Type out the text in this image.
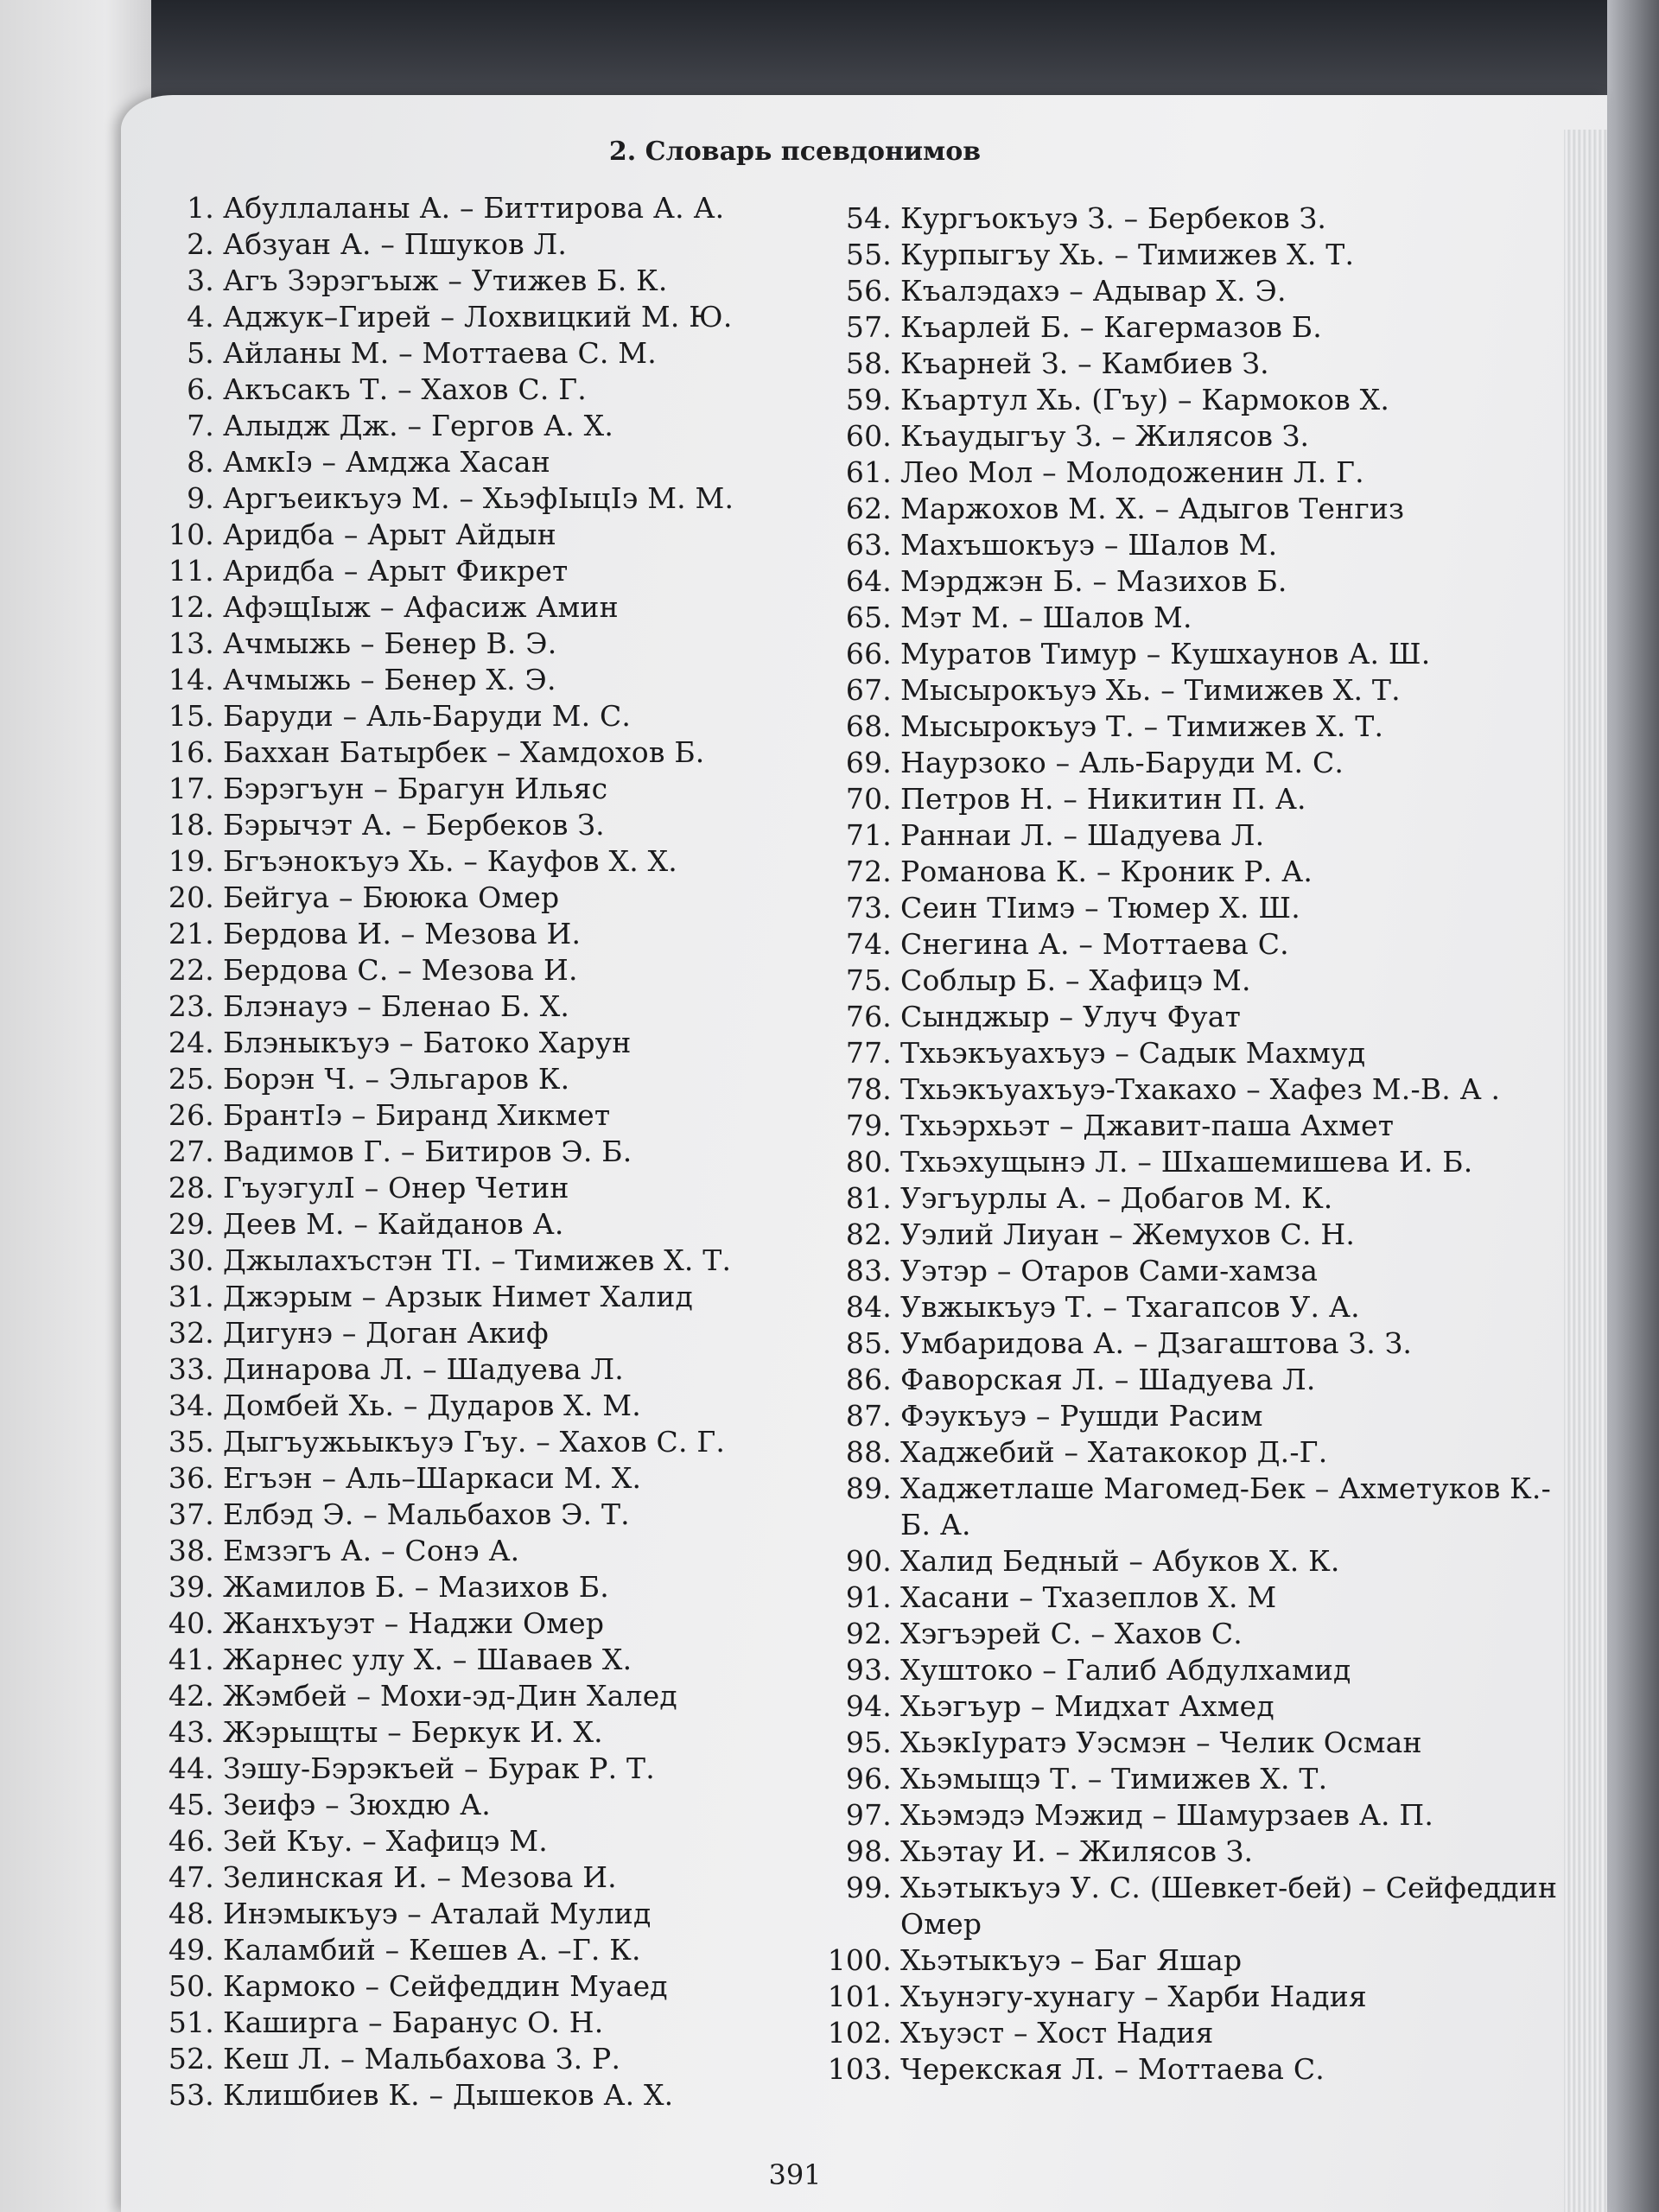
2. Словарь псевдонимов
1. Абуллаланы А. – Биттирова А. А.
2. Абзуан А. – Пшуков Л.
3. Агъ Зэрэгъыж – Утижев Б. К.
4. Аджук–Гирей – Лохвицкий М. Ю.
5. Айланы М. – Моттаева С. М.
6. Акъсакъ Т. – Хахов С. Г.
7. Алыдж Дж. – Гергов А. Х.
8. АмкIэ – Амджа Хасан
9. Аргъеикъуэ М. – ХьэфIыцIэ М. М.
10. Аридба – Арыт Айдын
11. Аридба – Арыт Фикрет
12. АфэщIыж – Афасиж Амин
13. Ачмыжь – Бенер В. Э.
14. Ачмыжь – Бенер Х. Э.
15. Баруди – Аль-Баруди М. С.
16. Баххан Батырбек – Хамдохов Б.
17. Бэрэгъун – Брагун Ильяс
18. Бэрычэт А. – Бербеков З.
19. Бгъэнокъуэ Хь. – Кауфов Х. Х.
20. Бейгуа – Бююка Омер
21. Бердова И. – Мезова И.
22. Бердова С. – Мезова И.
23. Блэнауэ – Бленао Б. Х.
24. Блэныкъуэ – Батоко Харун
25. Борэн Ч. – Эльгаров К.
26. БрантIэ – Биранд Хикмет
27. Вадимов Г. – Битиров Э. Б.
28. ГъуэгулI – Онер Четин
29. Деев М. – Кайданов А.
30. Джылахъстэн ТI. – Тимижев Х. Т.
31. Джэрым – Арзык Нимет Халид
32. Дигунэ – Доган Акиф
33. Динарова Л. – Шадуева Л.
34. Домбей Хь. – Дударов Х. М.
35. Дыгъужьыкъуэ Гъу. – Хахов С. Г.
36. Егъэн – Аль–Шаркаси М. Х.
37. Елбэд Э. – Мальбахов Э. Т.
38. Емзэгъ А. – Сонэ А.
39. Жамилов Б. – Мазихов Б.
40. Жанхъуэт – Наджи Омер
41. Жарнес улу Х. – Шаваев Х.
42. Жэмбей – Мохи-эд-Дин Халед
43. Жэрыщты – Беркук И. Х.
44. Зэшу-Бэрэкъей – Бурак Р. Т.
45. Зеифэ – Зюхдю А.
46. Зей Къу. – Хафицэ М.
47. Зелинская И. – Мезова И.
48. Инэмыкъуэ – Аталай Мулид
49. Каламбий – Кешев А. –Г. К.
50. Кармоко – Сейфеддин Муаед
51. Каширга – Баранус О. Н.
52. Кеш Л. – Мальбахова З. Р.
53. Клишбиев К. – Дышеков А. Х.
54. Кургъокъуэ З. – Бербеков З.
55. Курпыгъу Хь. – Тимижев Х. Т.
56. Къалэдахэ – Адывар Х. Э.
57. Къарлей Б. – Кагермазов Б.
58. Къарней З. – Камбиев З.
59. Къартул Хь. (Гъу) – Кармоков Х.
60. Къаудыгъу З. – Жилясов З.
61. Лео Мол – Молодоженин Л. Г.
62. Маржохов М. Х. – Адыгов Тенгиз
63. Махъшокъуэ – Шалов М.
64. Мэрджэн Б. – Мазихов Б.
65. Мэт М. – Шалов М.
66. Муратов Тимур – Кушхаунов А. Ш.
67. Мысырокъуэ Хь. – Тимижев Х. Т.
68. Мысырокъуэ Т. – Тимижев Х. Т.
69. Наурзоко – Аль-Баруди М. С.
70. Петров Н. – Никитин П. А.
71. Раннаи Л. – Шадуева Л.
72. Романова К. – Кроник Р. А.
73. Сеин ТIимэ – Тюмер Х. Ш.
74. Снегина А. – Моттаева С.
75. Соблыр Б. – Хафицэ М.
76. Сынджыр – Улуч Фуат
77. Тхьэкъуахъуэ – Садык Махмуд
78. Тхьэкъуахъуэ-Тхакахо – Хафез М.-В. А .
79. Тхьэрхьэт – Джавит-паша Ахмет
80. Тхьэхущынэ Л. – Шхашемишева И. Б.
81. Уэгъурлы А. – Добагов М. К.
82. Уэлий Лиуан – Жемухов С. Н.
83. Уэтэр – Отаров Сами-хамза
84. Увжыкъуэ Т. – Тхагапсов У. А.
85. Умбаридова А. – Дзагаштова З. З.
86. Фаворская Л. – Шадуева Л.
87. Фэукъуэ – Рушди Расим
88. Хаджебий – Хатакокор Д.-Г.
89. Хаджетлаше Магомед-Бек – Ахметуков К.-Б. А.
90. Халид Бедный – Абуков Х. К.
91. Хасани – Тхазеплов Х. М
92. Хэгъэрей С. – Хахов С.
93. Хуштоко – Галиб Абдулхамид
94. Хьэгъур – Мидхат Ахмед
95. ХьэкIуратэ Уэсмэн – Челик Осман
96. Хьэмыщэ Т. – Тимижев Х. Т.
97. Хьэмэдэ Мэжид – Шамурзаев А. П.
98. Хьэтау И. – Жилясов З.
99. Хьэтыкъуэ У. С. (Шевкет-бей) – Сейфеддин Омер
100. Хьэтыкъуэ – Баг Яшар
101. Хъунэгу-хунагу – Харби Надия
102. Хъуэст – Хост Надия
103. Черекская Л. – Моттаева С.
391
